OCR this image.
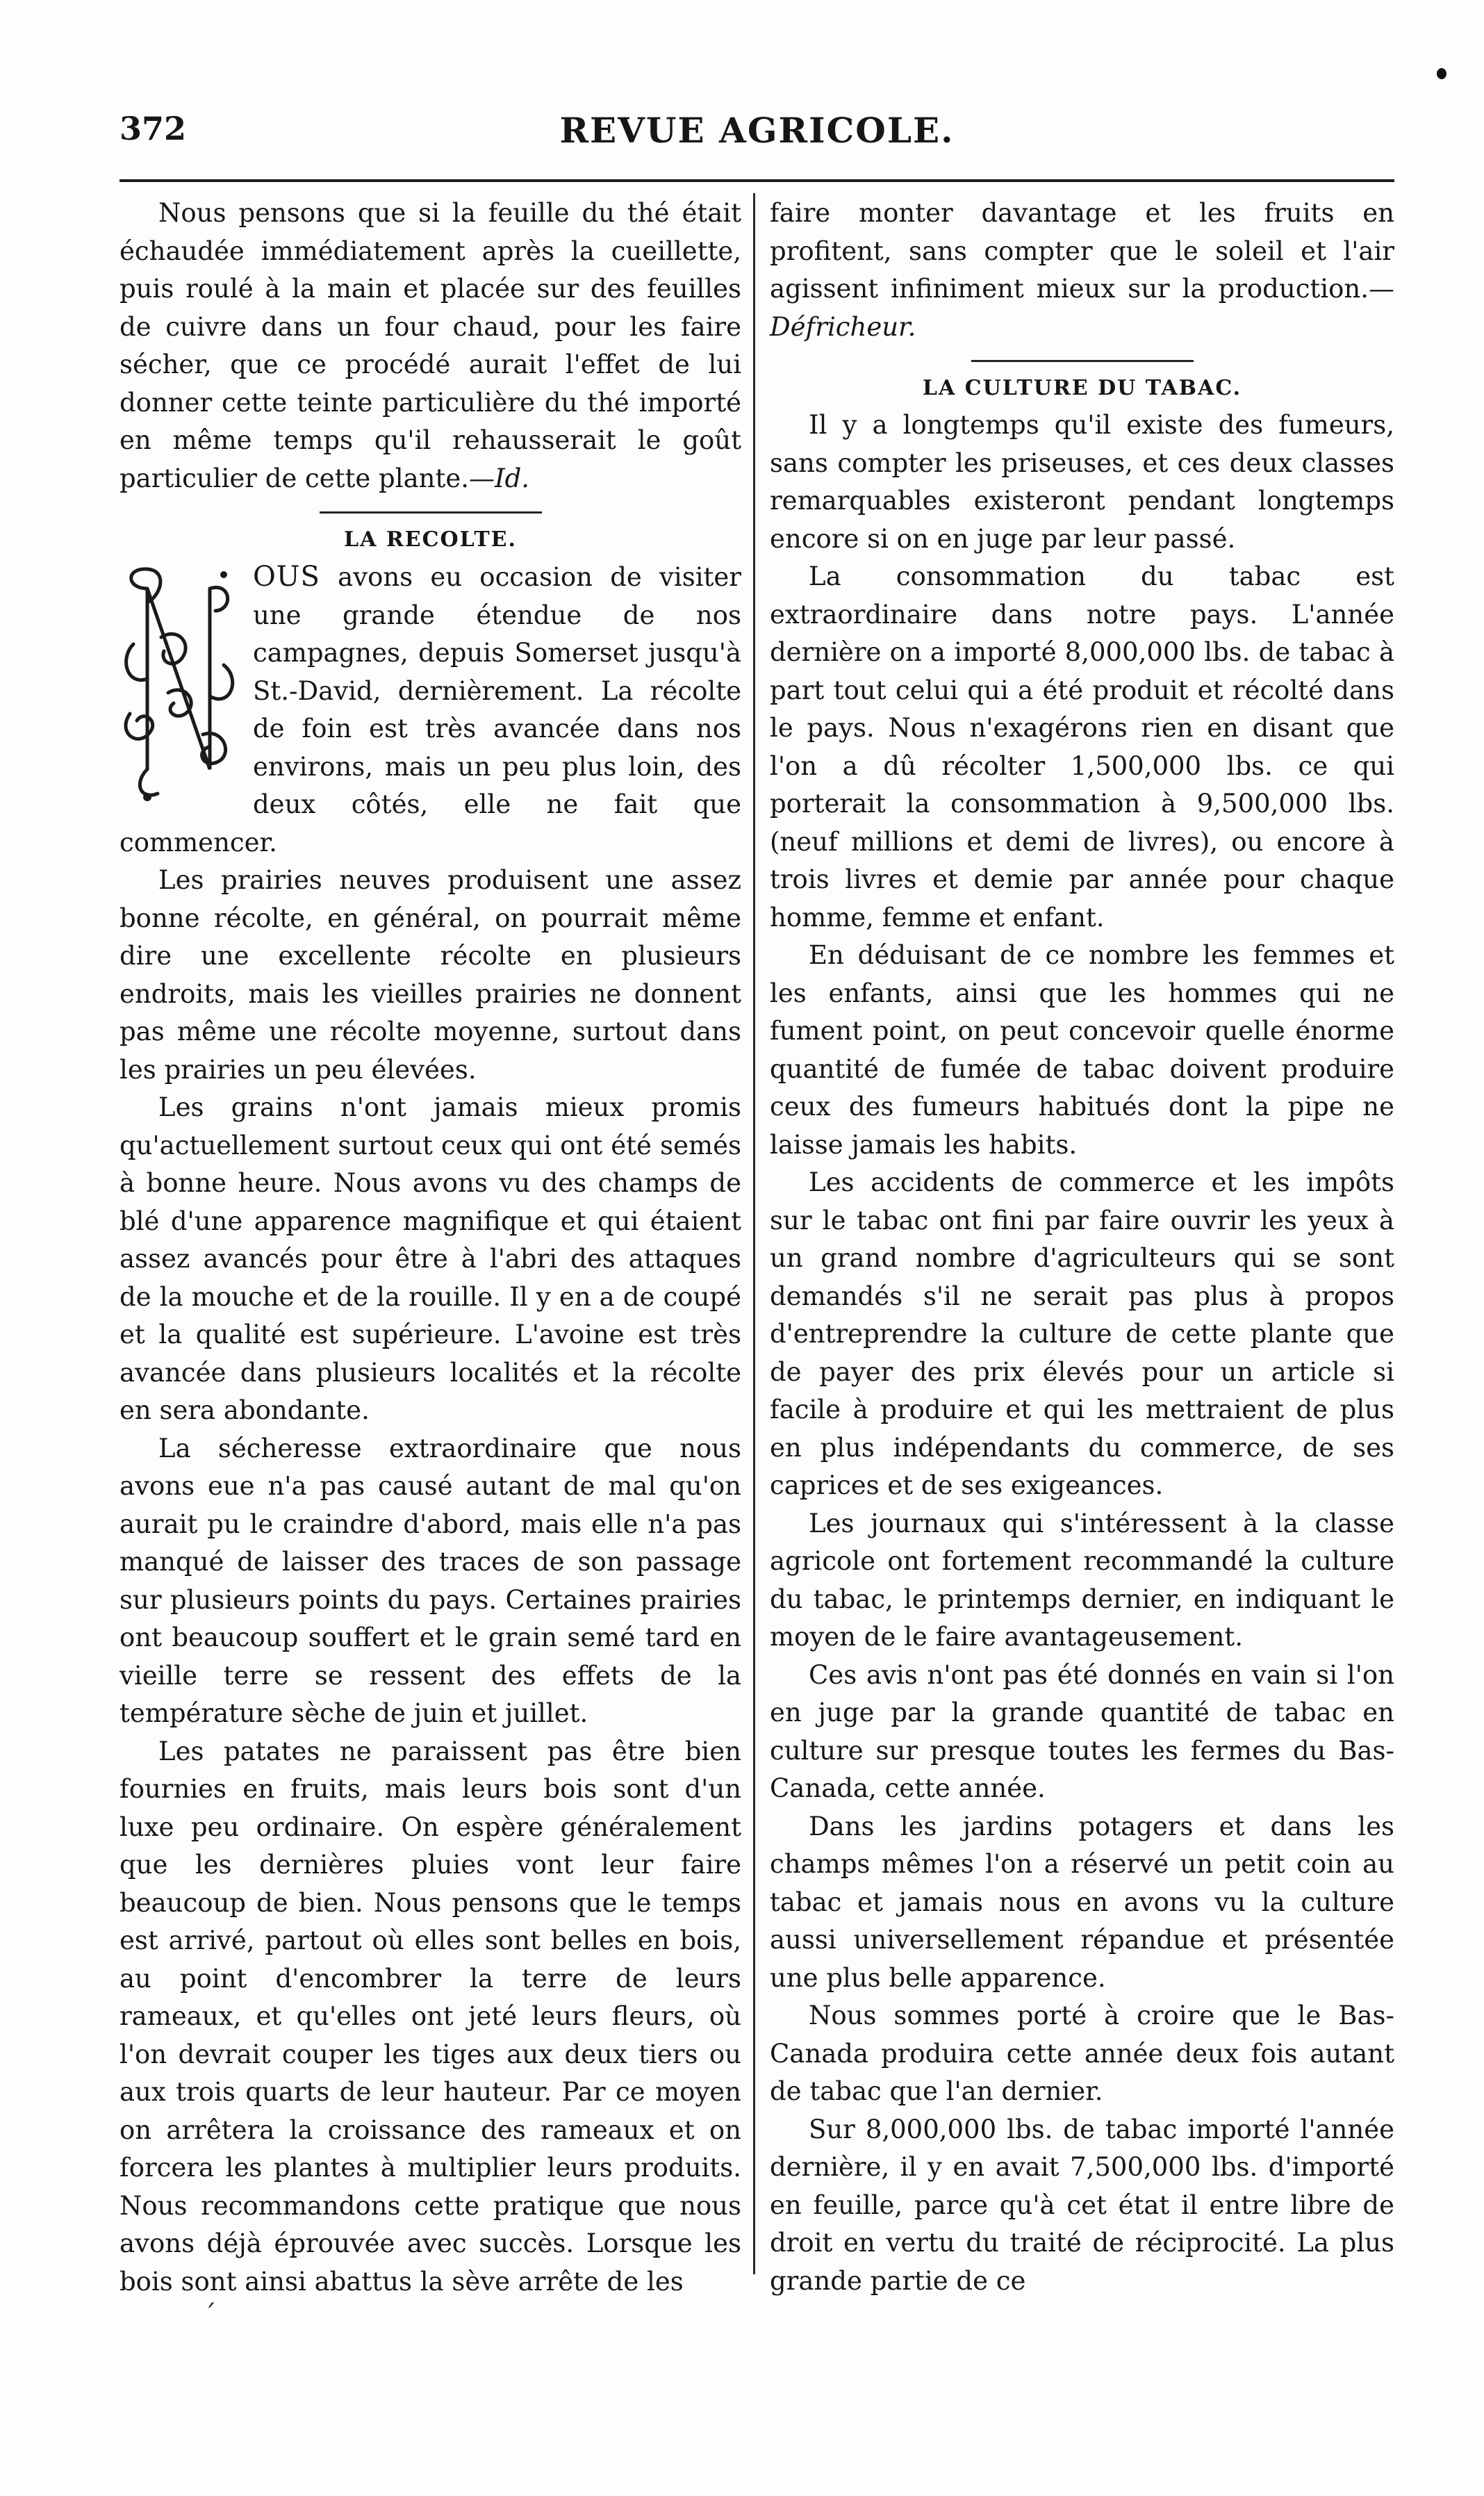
372	REVUE AGRICOLE.

Nous pensons que si la feuille du thé était échaudée immédiatement après la cueillette, puis roulé à la main et placée sur des feuilles de cuivre dans un four chaud, pour les faire sécher, que ce procédé aurait l'effet de lui donner cette teinte particulière du thé importé en même temps qu'il rehausserait le goût particulier de cette plante.—Id.

LA RECOLTE.

OUS avons eu occasion de visiter une grande étendue de nos campagnes, depuis Somerset jusqu'à St.-David, dernièrement. La récolte de foin est très avancée dans nos environs, mais un peu plus loin, des deux côtés, elle ne fait que commencer.

Les prairies neuves produisent une assez bonne récolte, en général, on pourrait même dire une excellente récolte en plusieurs endroits, mais les vieilles prairies ne donnent pas même une récolte moyenne, surtout dans les prairies un peu élevées.

Les grains n'ont jamais mieux promis qu'actuellement surtout ceux qui ont été semés à bonne heure. Nous avons vu des champs de blé d'une apparence magnifique et qui étaient assez avancés pour être à l'abri des attaques de la mouche et de la rouille. Il y en a de coupé et la qualité est supérieure. L'avoine est très avancée dans plusieurs localités et la récolte en sera abondante.

La sécheresse extraordinaire que nous avons eue n'a pas causé autant de mal qu'on aurait pu le craindre d'abord, mais elle n'a pas manqué de laisser des traces de son passage sur plusieurs points du pays. Certaines prairies ont beaucoup souffert et le grain semé tard en vieille terre se ressent des effets de la température sèche de juin et juillet.

Les patates ne paraissent pas être bien fournies en fruits, mais leurs bois sont d'un luxe peu ordinaire. On espère généralement que les dernières pluies vont leur faire beaucoup de bien. Nous pensons que le temps est arrivé, partout où elles sont belles en bois, au point d'encombrer la terre de leurs rameaux, et qu'elles ont jeté leurs fleurs, où l'on devrait couper les tiges aux deux tiers ou aux trois quarts de leur hauteur. Par ce moyen on arrêtera la croissance des rameaux et on forcera les plantes à multiplier leurs produits. Nous recommandons cette pratique que nous avons déjà éprouvée avec succès. Lorsque les bois sont ainsi abattus la sève arrête de les

faire monter davantage et les fruits en profitent, sans compter que le soleil et l'air agissent infiniment mieux sur la production.—Défricheur.

LA CULTURE DU TABAC.

Il y a longtemps qu'il existe des fumeurs, sans compter les priseuses, et ces deux classes remarquables existeront pendant longtemps encore si on en juge par leur passé.

La consommation du tabac est extraordinaire dans notre pays. L'année dernière on a importé 8,000,000 lbs. de tabac à part tout celui qui a été produit et récolté dans le pays. Nous n'exagérons rien en disant que l'on a dû récolter 1,500,000 lbs. ce qui porterait la consommation à 9,500,000 lbs. (neuf millions et demi de livres), ou encore à trois livres et demie par année pour chaque homme, femme et enfant.

En déduisant de ce nombre les femmes et les enfants, ainsi que les hommes qui ne fument point, on peut concevoir quelle énorme quantité de fumée de tabac doivent produire ceux des fumeurs habitués dont la pipe ne laisse jamais les habits.

Les accidents de commerce et les impôts sur le tabac ont fini par faire ouvrir les yeux à un grand nombre d'agriculteurs qui se sont demandés s'il ne serait pas plus à propos d'entreprendre la culture de cette plante que de payer des prix élevés pour un article si facile à produire et qui les mettraient de plus en plus indépendants du commerce, de ses caprices et de ses exigeances.

Les journaux qui s'intéressent à la classe agricole ont fortement recommandé la culture du tabac, le printemps dernier, en indiquant le moyen de le faire avantageusement.

Ces avis n'ont pas été donnés en vain si l'on en juge par la grande quantité de tabac en culture sur presque toutes les fermes du Bas-Canada, cette année.

Dans les jardins potagers et dans les champs mêmes l'on a réservé un petit coin au tabac et jamais nous en avons vu la culture aussi universellement répandue et présentée une plus belle apparence.

Nous sommes porté à croire que le Bas-Canada produira cette année deux fois autant de tabac que l'an dernier.

Sur 8,000,000 lbs. de tabac importé l'année dernière, il y en avait 7,500,000 lbs. d'importé en feuille, parce qu'à cet état il entre libre de droit en vertu du traité de réciprocité. La plus grande partie de ce

ˊ
